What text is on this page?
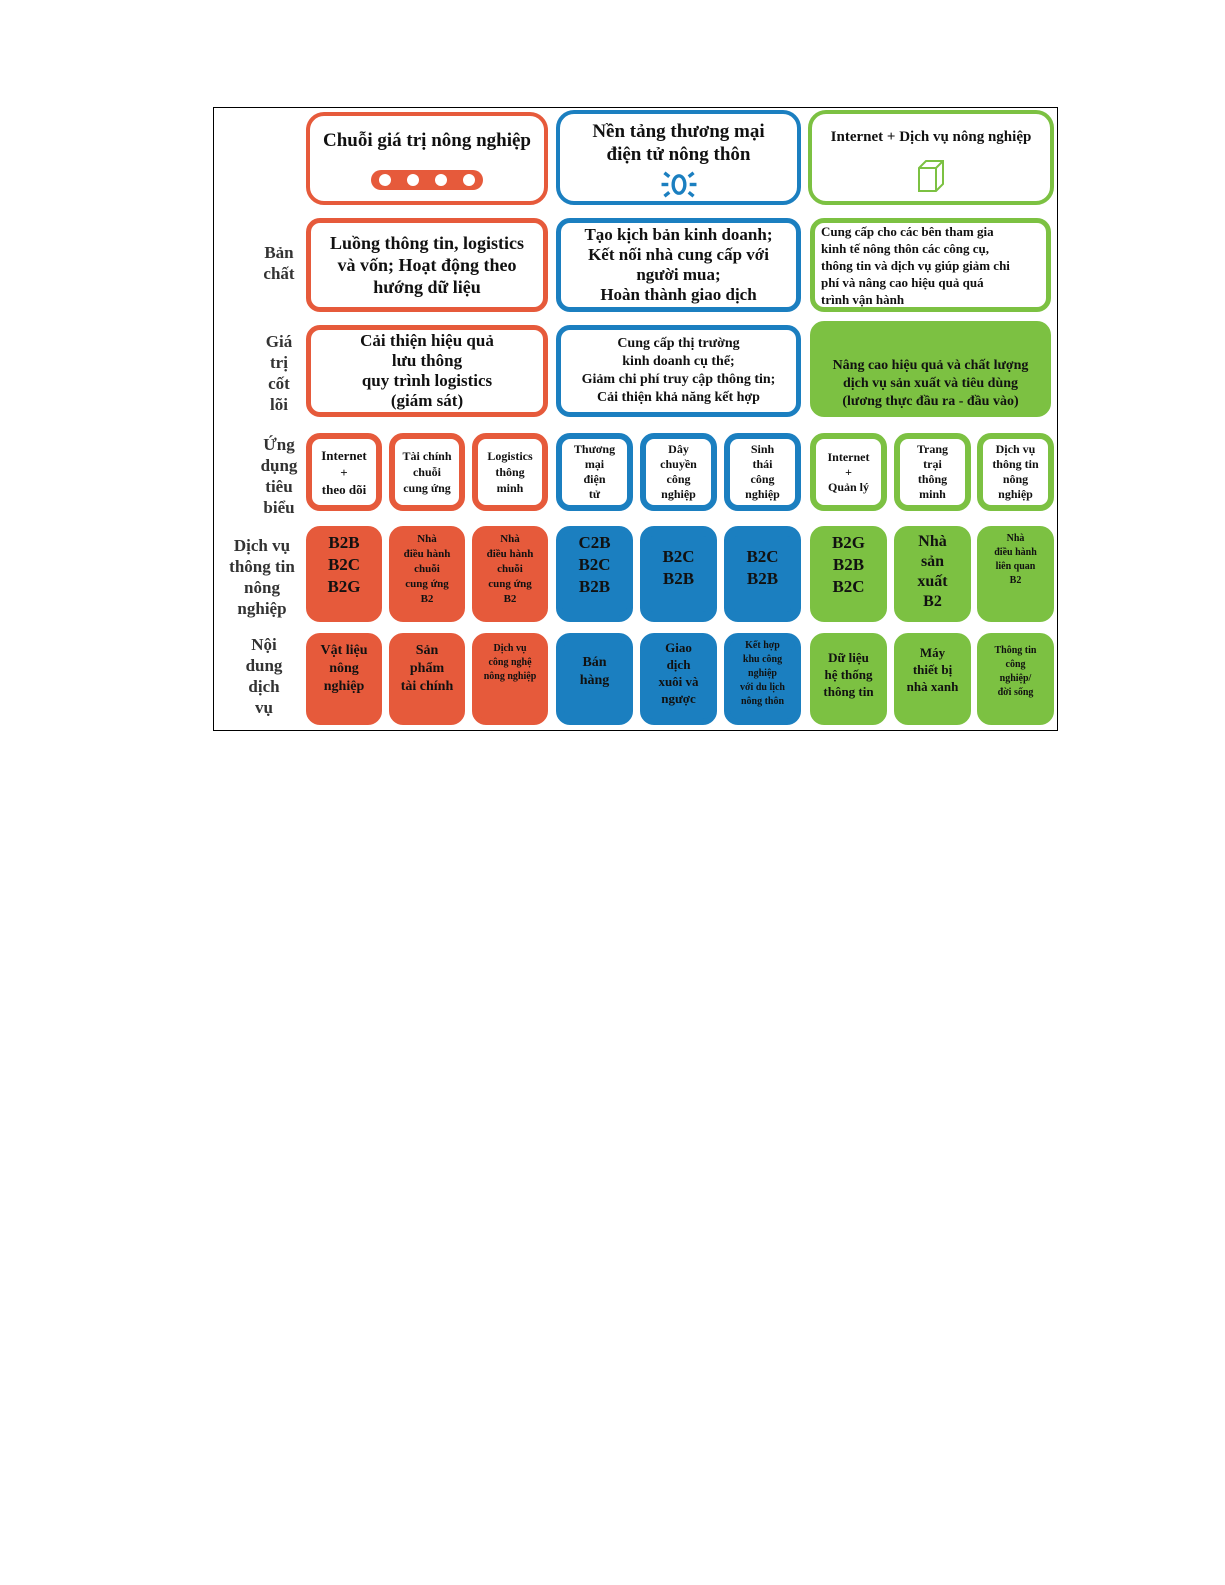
Chuỗi giá trị nông nghiệp	Nền tảng thương mại
điện tử nông thôn
Internet + Dịch vụ nông nghiệp
Bản
chất
Giá
trị
cốt
lõi
Ứng
dụng
tiêu
biểu
Dịch vụ
thông tin
nông
nghiệp
Nội
dung
dịch
vụ
Luồng thông tin, logistics
và vốn; Hoạt động theo
hướng dữ liệu
Tạo kịch bản kinh doanh;
Kết nối nhà cung cấp với
người mua;
Hoàn thành giao dịch
Cung cấp cho các bên tham gia
kinh tế nông thôn các công cụ,
thông tin và dịch vụ giúp giảm chi
phí và nâng cao hiệu quả quá
trình vận hành
Cải thiện hiệu quả
lưu thông
quy trình logistics
(giám sát)
Cung cấp thị trường
kinh doanh cụ thể;
Giảm chi phí truy cập thông tin;
Cải thiện khả năng kết hợp

Nâng cao hiệu quả và chất lượng
dịch vụ sản xuất và tiêu dùng
(lương thực đầu ra - đầu vào)

Internet
+
theo dõi
Tài chính
chuỗi
cung ứng
Logistics
thông
minh
Thương
mại
điện
tử
Dây
chuyền
công
nghiệp
Sinh
thái
công
nghiệp
Internet
+
Quản lý
Trang
trại
thông
minh
Dịch vụ
thông tin
nông
nghiệp
B2B
B2C
B2G
Nhà
điều hành
chuỗi
cung ứng
B2
Nhà
điều hành
chuỗi
cung ứng
B2
C2B
B2C
B2B
B2C
B2B
B2C
B2B
B2G
B2B
B2C
Nhà
sản
xuất
B2
Nhà
điều hành
liên quan
B2
Vật liệu
nông
nghiệp
Sản
phẩm
tài chính
Dịch vụ
công nghệ
nông nghiệp
Bán
hàng
Giao
dịch
xuôi và
ngược
Kết hợp
khu công
nghiệp
với du lịch
nông thôn
Dữ liệu
hệ thống
thông tin
Máy
thiết bị
nhà xanh
Thông tin
công
nghiệp/
đời sống
